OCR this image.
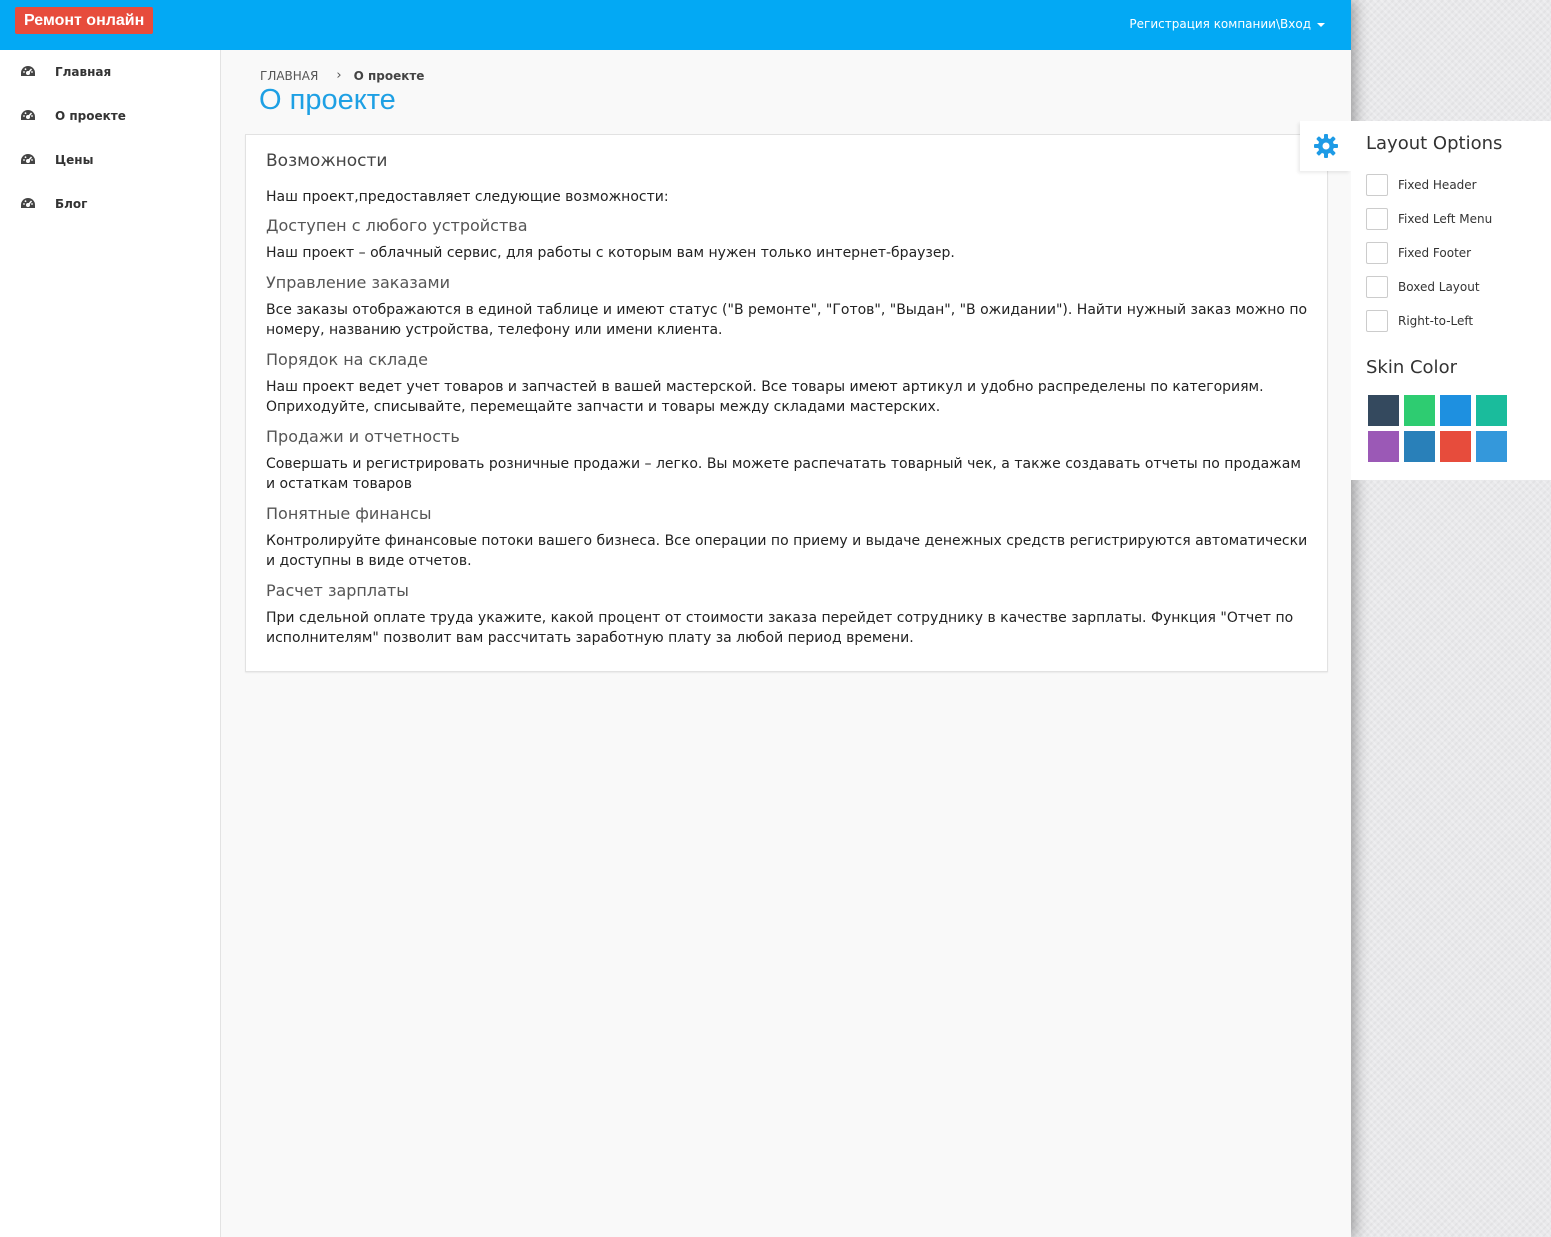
Ремонт онлайн	Регистрация компании\Вход
Главная
О проекте
Цены
Блог
ГЛАВНАЯ › О проекте
О проекте
Возможности

Наш проект,предоставляет следующие возможности:

Доступен с любого устройства

Наш проект – облачный сервис, для работы с которым вам нужен только интернет-браузер.

Управление заказами

Все заказы отображаются в единой таблице и имеют статус ("В ремонте", "Готов", "Выдан", "В ожидании"). Найти нужный заказ можно по номеру, названию устройства, телефону или имени клиента.

Порядок на складе

Наш проект ведет учет товаров и запчастей в вашей мастерской. Все товары имеют артикул и удобно распределены по категориям. Оприходуйте, списывайте, перемещайте запчасти и товары между складами мастерских.

Продажи и отчетность

Совершать и регистрировать розничные продажи – легко. Вы можете распечатать товарный чек, а также создавать отчеты по продажам и остаткам товаров

Понятные финансы

Контролируйте финансовые потоки вашего бизнеса. Все операции по приему и выдаче денежных средств регистрируются автоматически и доступны в виде отчетов.

Расчет зарплаты

При сдельной оплате труда укажите, какой процент от стоимости заказа перейдет сотруднику в качестве зарплаты. Функция "Отчет по исполнителям" позволит вам рассчитать заработную плату за любой период времени.

Layout Options
Fixed Header
Fixed Left Menu
Fixed Footer
Boxed Layout
Right-to-Left
Skin Color
